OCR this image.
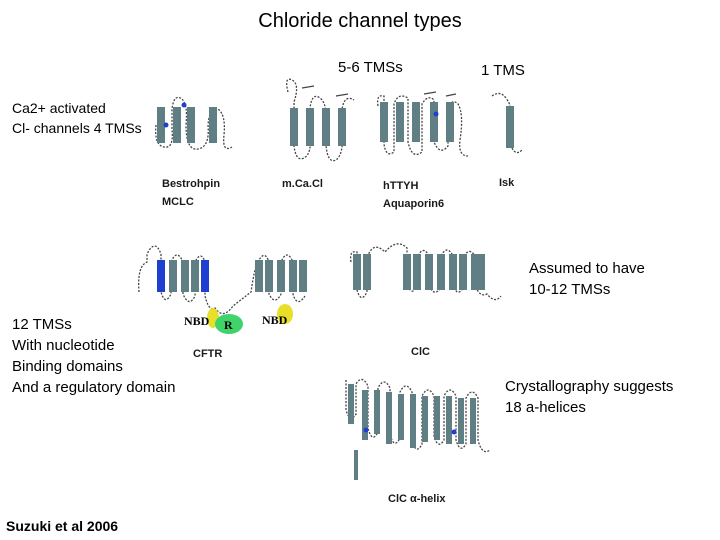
Chloride channel types
5-6 TMSs	1 TMS
Ca2+ activated
Cl- channels 4 TMSs
Assumed to have
10-12 TMSs
12 TMSs
With nucleotide
Binding domains
And a regulatory domain	Crystallography suggests
18 a-helices
Bestrohpin
MCLC
m.Ca.Cl	hTTYH
Aquaporin6
Isk
CFTR	ClC
ClC α-helix
Suzuki et al 2006
NBD R NBD
